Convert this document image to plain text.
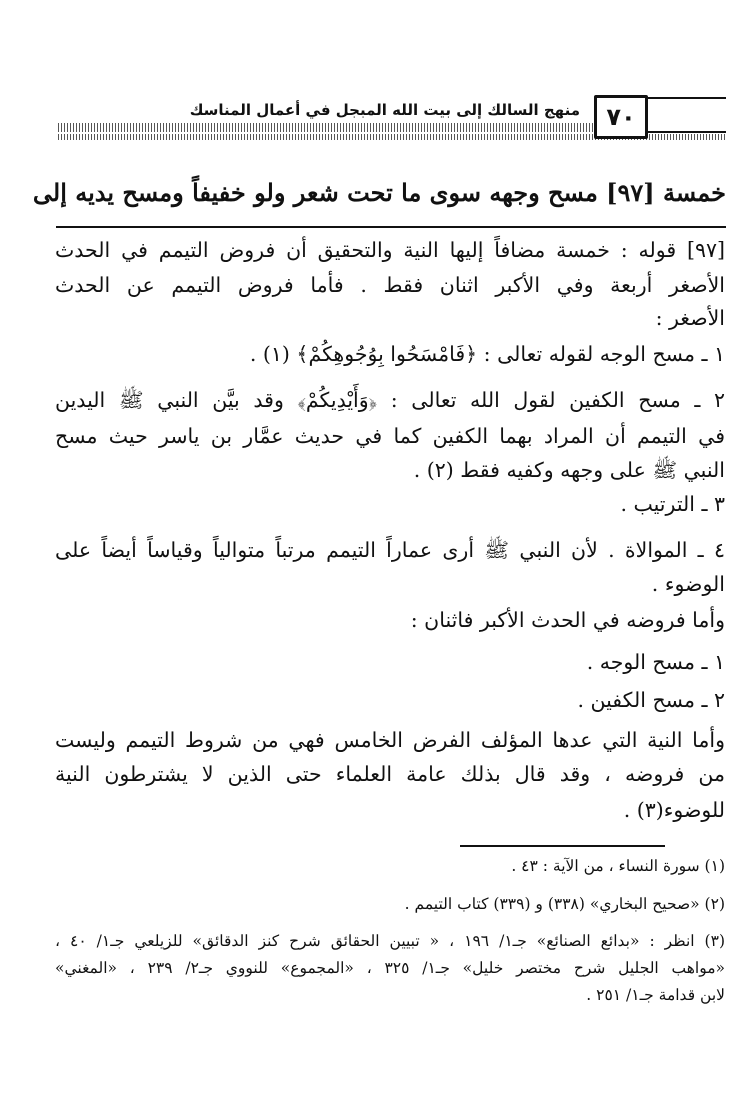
منهج السالك إلى بيت الله المبجل في أعمال المناسك	٧٠
خمسة [٩٧] مسح وجهه سوى ما تحت شعر ولو خفيفاً ومسح يديه إلى
[٩٧] قوله : خمسة مضافاً إليها النية والتحقيق أن فروض التيمم في الحدث
الأصغر أربعة وفي الأكبر اثنان فقط . فأما فروض التيمم عن الحدث
الأصغر :
١ ـ مسح الوجه لقوله تعالى : ﴿فَامْسَحُوا بِوُجُوهِكُمْ﴾ (١) .
٢ ـ مسح الكفين لقول الله تعالى : ﴿وَأَيْدِيكُمْ﴾ وقد بيَّن النبي ﷺ اليدين
في التيمم أن المراد بهما الكفين كما في حديث عمَّار بن ياسر حيث مسح
النبي ﷺ على وجهه وكفيه فقط (٢) .
٣ ـ الترتيب .
٤ ـ الموالاة . لأن النبي ﷺ أرى عماراً التيمم مرتباً متوالياً وقياساً أيضاً على
الوضوء .
وأما فروضه في الحدث الأكبر فاثنان :
١ ـ مسح الوجه .
٢ ـ مسح الكفين .
وأما النية التي عدها المؤلف الفرض الخامس فهي من شروط التيمم وليست
من فروضه ، وقد قال بذلك عامة العلماء حتى الذين لا يشترطون النية
للوضوء(٣) .
(١) سورة النساء ، من الآية : ٤٣ .
(٢) «صحيح البخاري» (٣٣٨) و (٣٣٩) كتاب التيمم .
(٣) انظر : «بدائع الصنائع» جـ١/ ١٩٦ ، « تبيين الحقائق شرح كنز الدقائق» للزيلعي جـ١/ ٤٠ ،
«مواهب الجليل شرح مختصر خليل» جـ١/ ٣٢٥ ، «المجموع» للنووي جـ٢/ ٢٣٩ ، «المغني»
لابن قدامة جـ١/ ٢٥١ .
